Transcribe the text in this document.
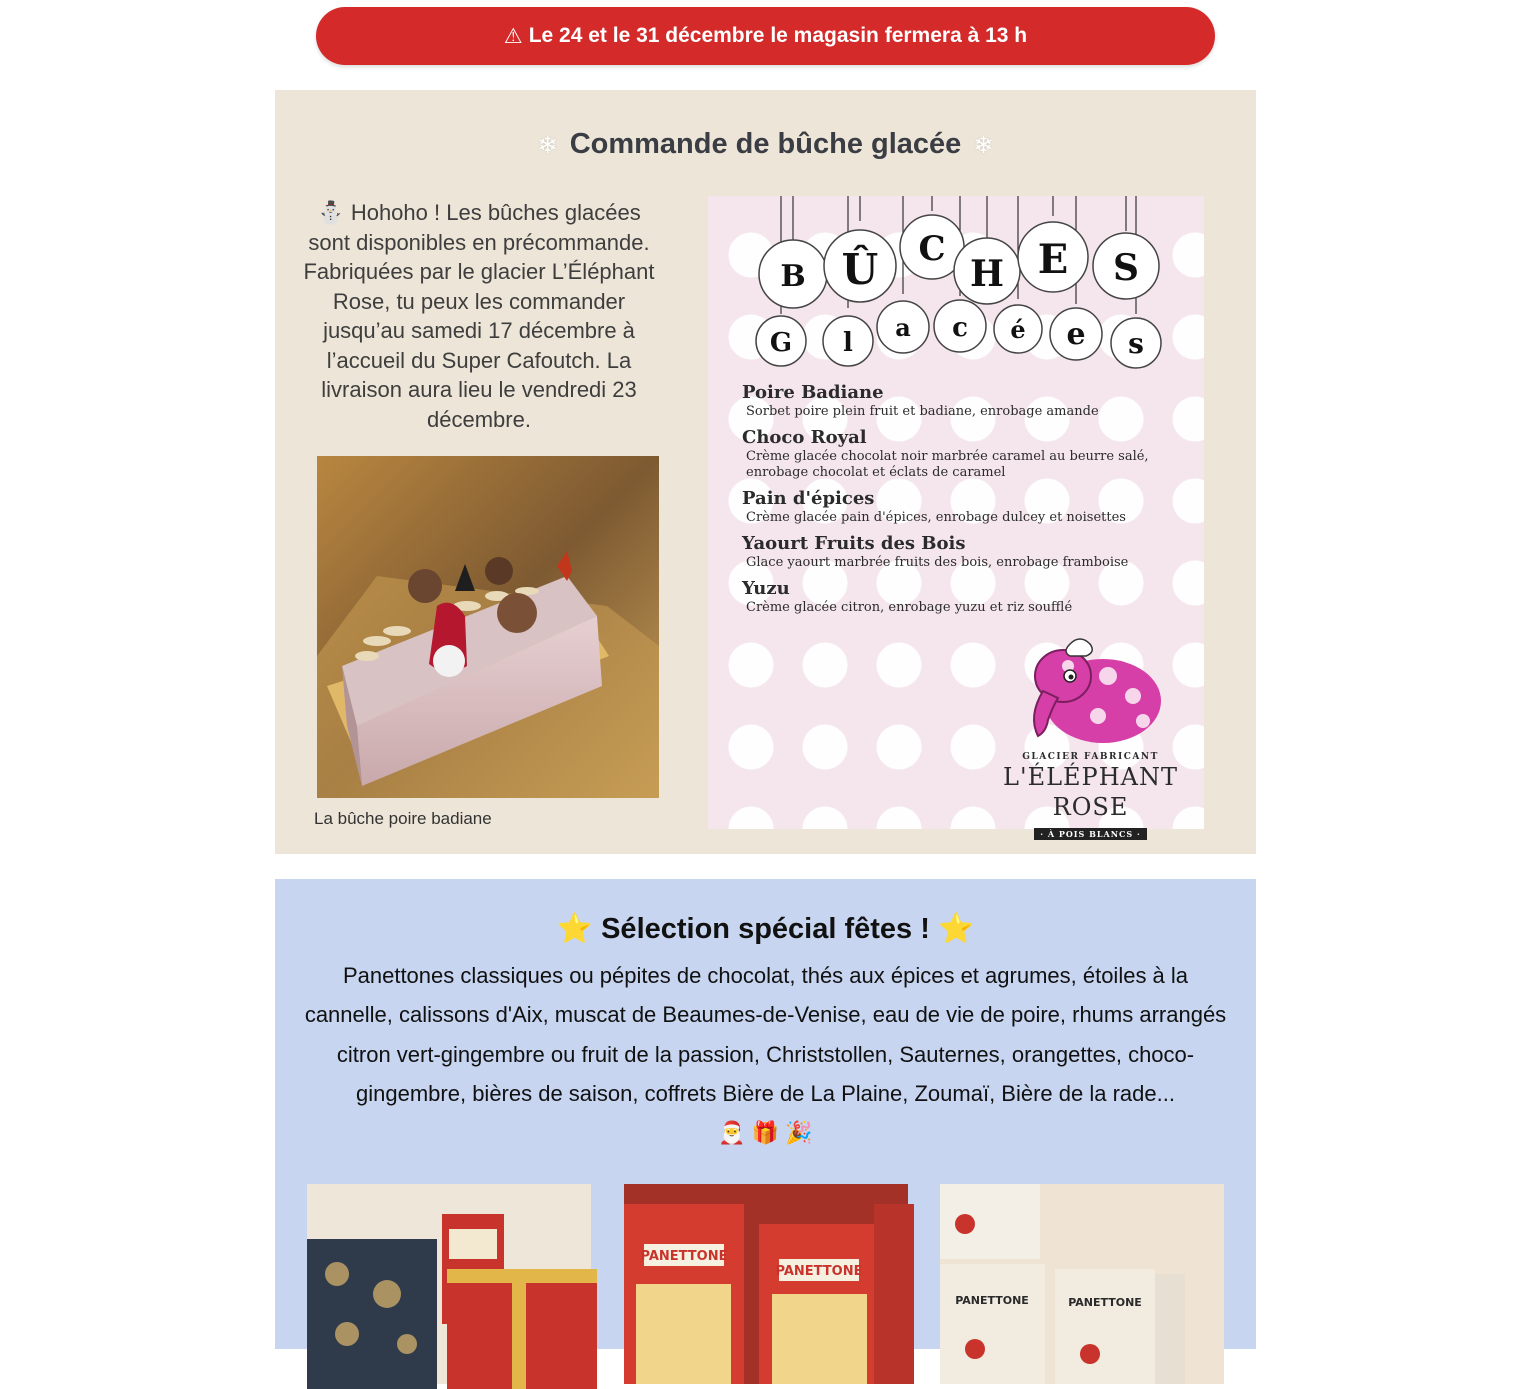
⚠ Le 24 et le 31 décembre le magasin fermera à 13 h
❄ Commande de bûche glacée ❄
⛄ Hohoho ! Les bûches glacées sont disponibles en précommande. Fabriquées par le glacier L’Éléphant Rose, tu peux les commander jusqu’au samedi 17 décembre à l’accueil du Super Cafoutch. La livraison aura lieu le vendredi 23 décembre.
La bûche poire badiane
B Û C
H E S
G l
a c é e s
Poire Badiane
Sorbet poire plein fruit et badiane, enrobage amande
Choco Royal
Crème glacée chocolat noir marbrée caramel au beurre salé, enrobage chocolat et éclats de caramel
Pain d'épices
Crème glacée pain d'épices, enrobage dulcey et noisettes
Yaourt Fruits des Bois
Glace yaourt marbrée fruits des bois, enrobage framboise
Yuzu
Crème glacée citron, enrobage yuzu et riz soufflé
GLACIER FABRICANT
L'ÉLÉPHANT ROSE
· À POIS BLANCS ·
⭐ Sélection spécial fêtes ! ⭐
Panettones classiques ou pépites de chocolat, thés aux épices et agrumes, étoiles à la cannelle, calissons d'Aix, muscat de Beaumes-de-Venise, eau de vie de poire, rhums arrangés citron vert-gingembre ou fruit de la passion, Christstollen, Sauternes, orangettes, choco-gingembre, bières de saison, coffrets Bière de La Plaine, Zoumaï, Bière de la rade...
🎅 🎁 🎉
PANETTONE
PANETTONE
PANETTONE	PANETTONE
